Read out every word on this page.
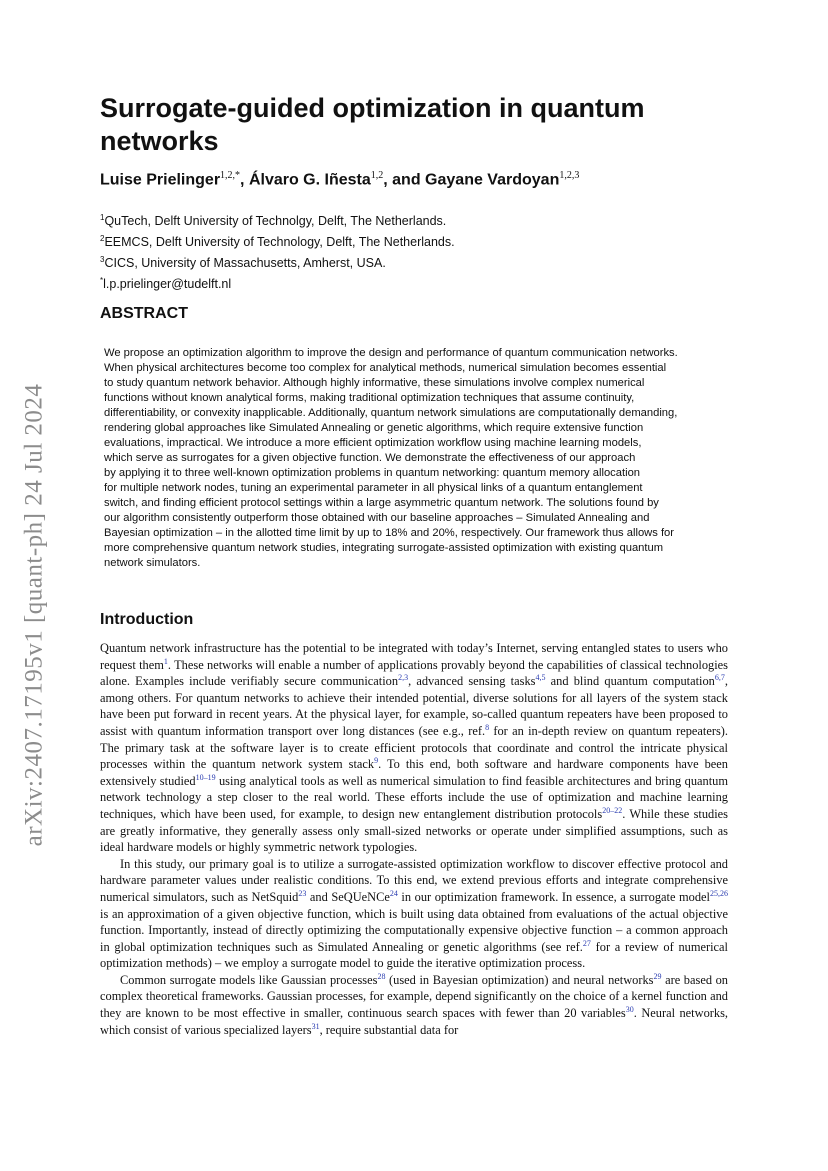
arXiv:2407.17195v1 [quant-ph] 24 Jul 2024
Surrogate-guided optimization in quantum networks
Luise Prielinger$^{1,2,*}$, Álvaro G. Iñesta$^{1,2}$, and Gayane Vardoyan$^{1,2,3}$
$^1$QuTech, Delft University of Technolgy, Delft, The Netherlands.
$^2$EEMCS, Delft University of Technology, Delft, The Netherlands.
$^3$CICS, University of Massachusetts, Amherst, USA.
*l.p.prielinger@tudelft.nl
ABSTRACT
We propose an optimization algorithm to improve the design and performance of quantum communication networks.
When physical architectures become too complex for analytical methods, numerical simulation becomes essential
to study quantum network behavior. Although highly informative, these simulations involve complex numerical
functions without known analytical forms, making traditional optimization techniques that assume continuity,
differentiability, or convexity inapplicable. Additionally, quantum network simulations are computationally demanding,
rendering global approaches like Simulated Annealing or genetic algorithms, which require extensive function
evaluations, impractical. We introduce a more efficient optimization workflow using machine learning models,
which serve as surrogates for a given objective function. We demonstrate the effectiveness of our approach
by applying it to three well-known optimization problems in quantum networking: quantum memory allocation
for multiple network nodes, tuning an experimental parameter in all physical links of a quantum entanglement
switch, and finding efficient protocol settings within a large asymmetric quantum network. The solutions found by
our algorithm consistently outperform those obtained with our baseline approaches – Simulated Annealing and
Bayesian optimization – in the allotted time limit by up to 18% and 20%, respectively. Our framework thus allows for
more comprehensive quantum network studies, integrating surrogate-assisted optimization with existing quantum
network simulators.
Introduction

Quantum network infrastructure has the potential to be integrated with today’s Internet, serving entangled states to users who request them$^1$. These networks will enable a number of applications provably beyond the capabilities of classical technologies alone. Examples include verifiably secure communication$^{2,3}$, advanced sensing tasks$^{4,5}$ and blind quantum computation$^{6,7}$, among others. For quantum networks to achieve their intended potential, diverse solutions for all layers of the system stack have been put forward in recent years. At the physical layer, for example, so-called quantum repeaters have been proposed to assist with quantum information transport over long distances (see e.g., ref.$^8$ for an in-depth review on quantum repeaters). The primary task at the software layer is to create efficient protocols that coordinate and control the intricate physical processes within the quantum network system stack$^9$. To this end, both software and hardware components have been extensively studied$^{10-19}$ using analytical tools as well as numerical simulation to find feasible architectures and bring quantum network technology a step closer to the real world. These efforts include the use of optimization and machine learning techniques, which have been used, for example, to design new entanglement distribution protocols$^{20-22}$. While these studies are greatly informative, they generally assess only small-sized networks or operate under simplified assumptions, such as ideal hardware models or highly symmetric network typologies.

In this study, our primary goal is to utilize a surrogate-assisted optimization workflow to discover effective protocol and hardware parameter values under realistic conditions. To this end, we extend previous efforts and integrate comprehensive numerical simulators, such as NetSquid$^{23}$ and SeQUeNCe$^{24}$ in our optimization framework. In essence, a surrogate model$^{25,26}$ is an approximation of a given objective function, which is built using data obtained from evaluations of the actual objective function. Importantly, instead of directly optimizing the computationally expensive objective function – a common approach in global optimization techniques such as Simulated Annealing or genetic algorithms (see ref.$^{27}$ for a review of numerical optimization methods) – we employ a surrogate model to guide the iterative optimization process.

Common surrogate models like Gaussian processes$^{28}$ (used in Bayesian optimization) and neural networks$^{29}$ are based on complex theoretical frameworks. Gaussian processes, for example, depend significantly on the choice of a kernel function and they are known to be most effective in smaller, continuous search spaces with fewer than 20 variables$^{30}$. Neural networks, which consist of various specialized layers$^{31}$, require substantial data for
